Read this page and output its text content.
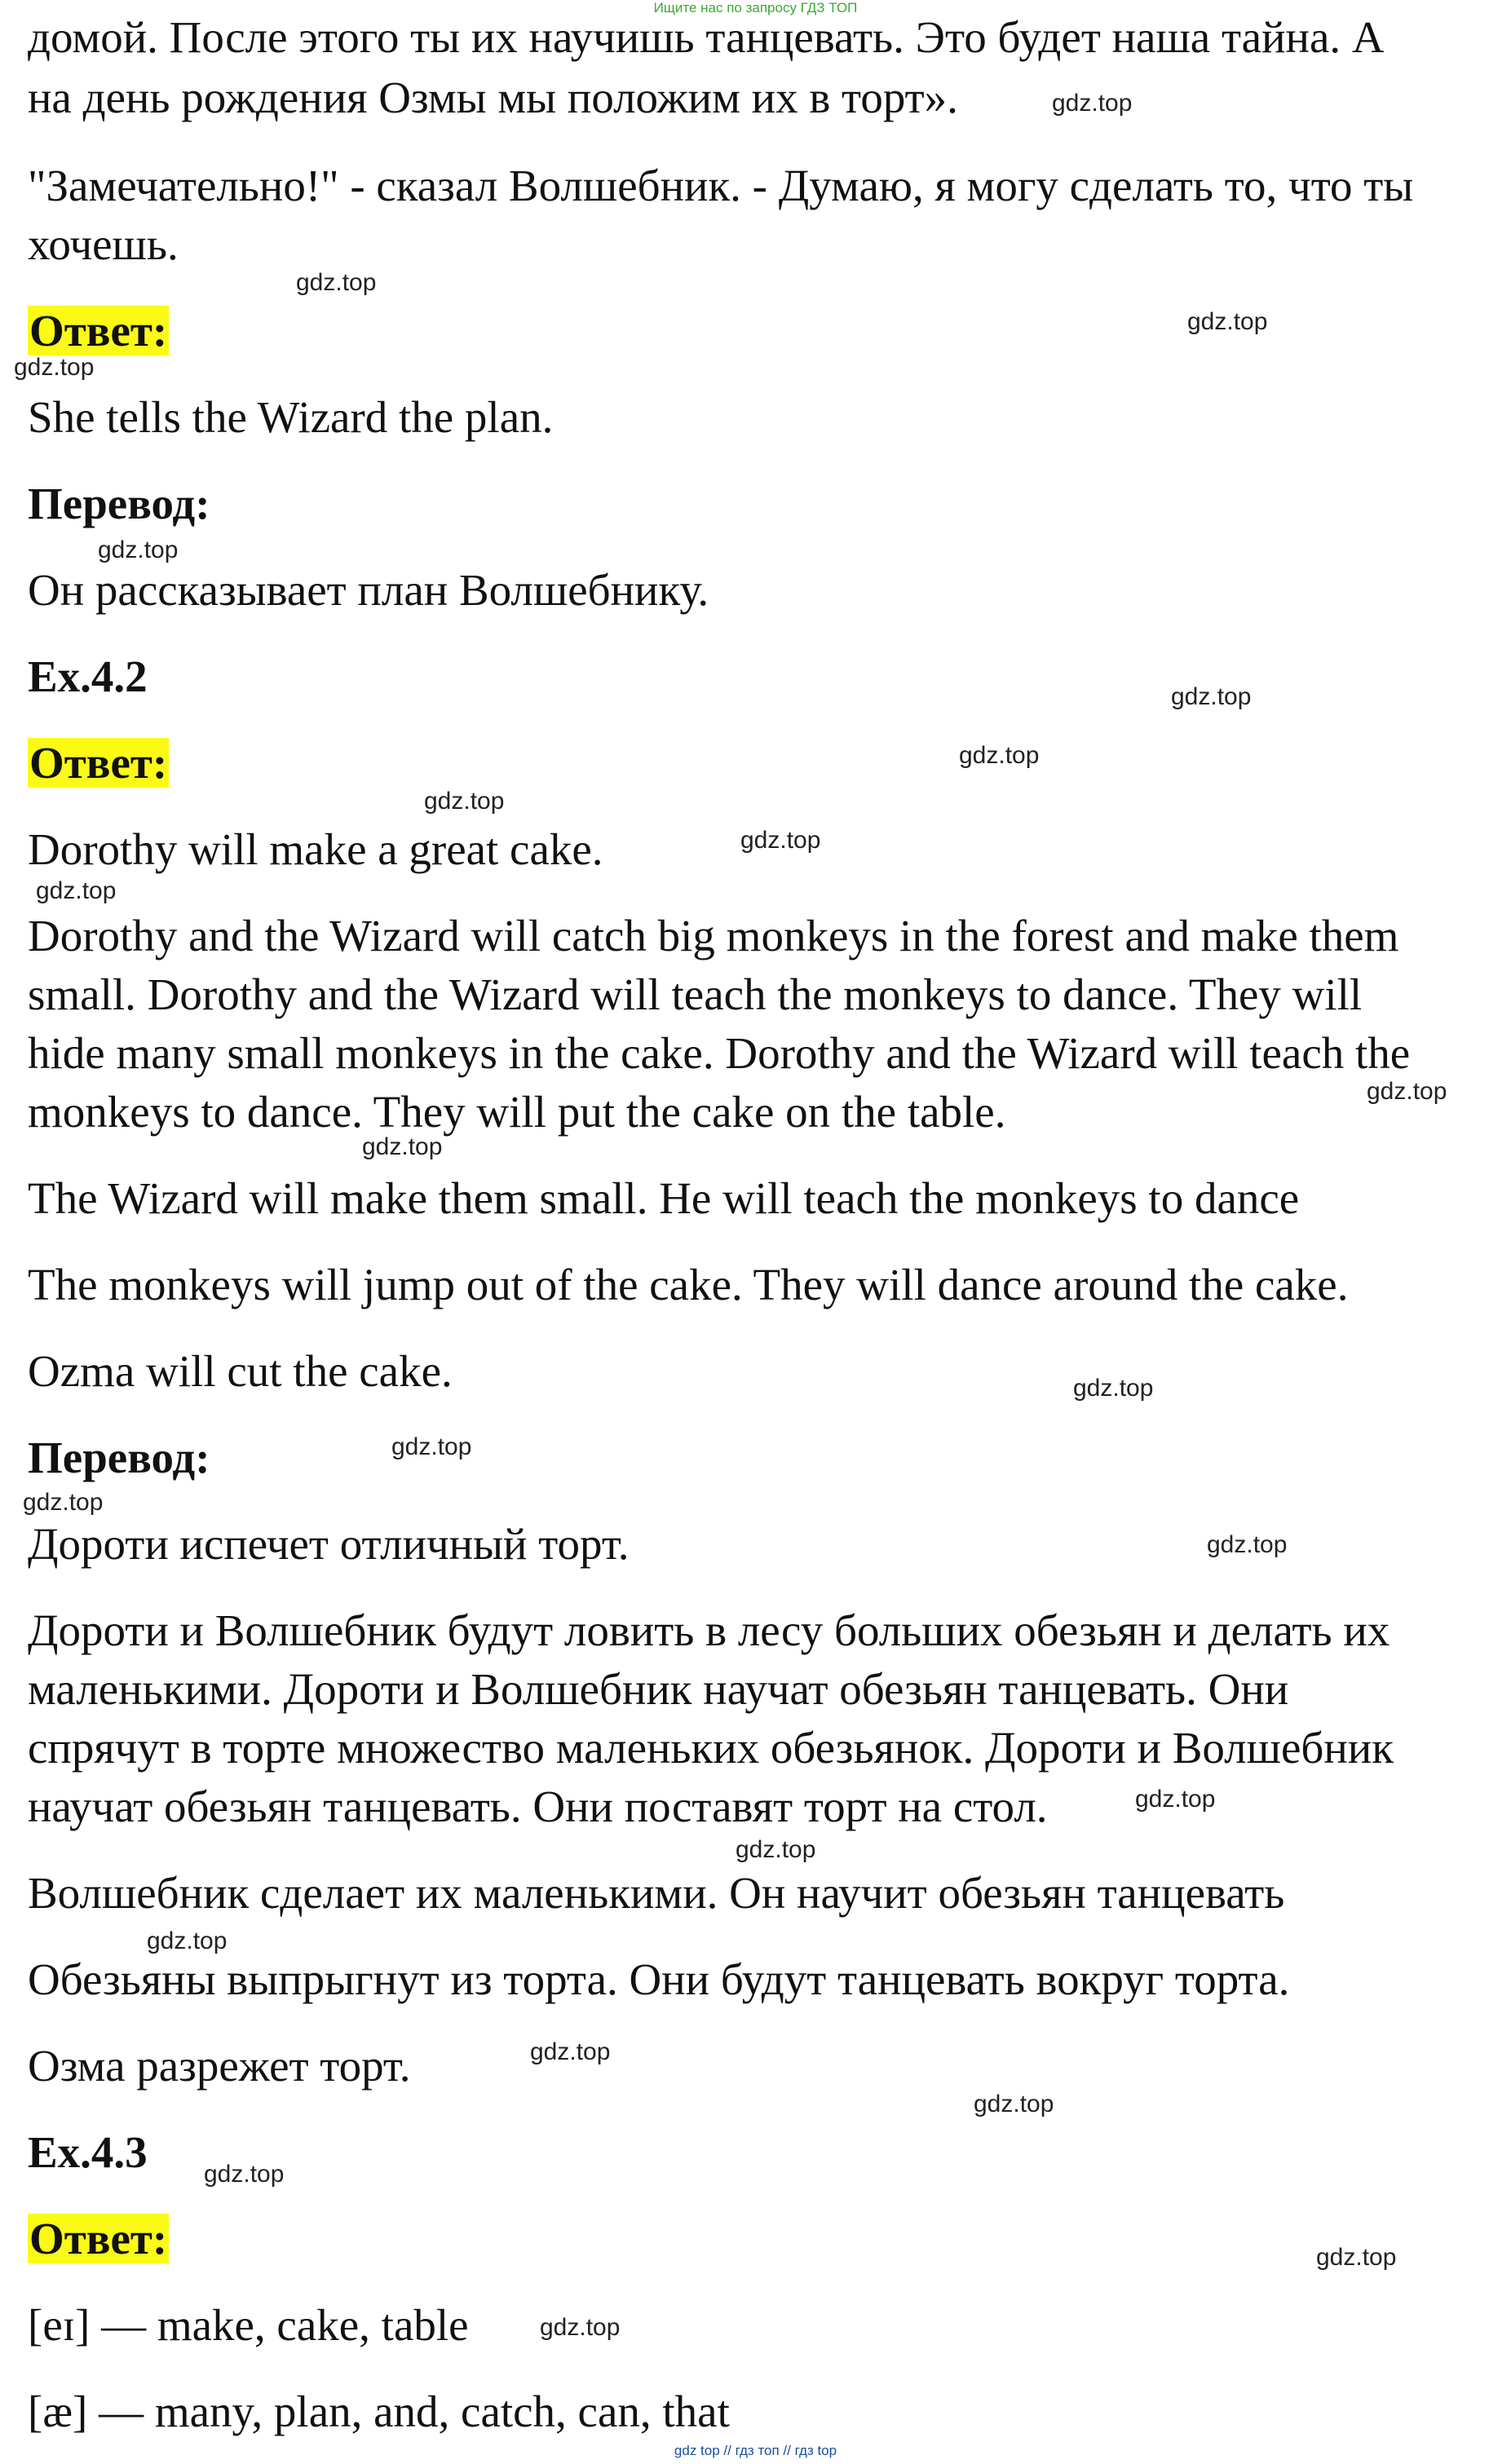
Ищите нас по запросу ГДЗ ТОП
домой. После этого ты их научишь танцевать. Это будет наша тайна. А
на день рождения Озмы мы положим их в торт».
"Замечательно!" - сказал Волшебник. - Думаю, я могу сделать то, что ты
хочешь.
Ответ:
She tells the Wizard the plan.
Перевод:
Он рассказывает план Волшебнику.
Ex.4.2
Ответ:
Dorothy will make a great cake.
Dorothy and the Wizard will catch big monkeys in the forest and make them
small. Dorothy and the Wizard will teach the monkeys to dance. They will
hide many small monkeys in the cake. Dorothy and the Wizard will teach the
monkeys to dance. They will put the cake on the table.
The Wizard will make them small. He will teach the monkeys to dance
The monkeys will jump out of the cake. They will dance around the cake.
Ozma will cut the cake.
Перевод:
Дороти испечет отличный торт.
Дороти и Волшебник будут ловить в лесу больших обезьян и делать их
маленькими. Дороти и Волшебник научат обезьян танцевать. Они
спрячут в торте множество маленьких обезьянок. Дороти и Волшебник
научат обезьян танцевать. Они поставят торт на стол.
Волшебник сделает их маленькими. Он научит обезьян танцевать
Обезьяны выпрыгнут из торта. Они будут танцевать вокруг торта.
Озма разрежет торт.
Ex.4.3
Ответ:
[eɪ] — make, cake, table
[æ] — many, plan, and, catch, can, that
gdz.top
gdz.top
gdz.top
gdz.top
gdz.top
gdz.top
gdz.top
gdz.top
gdz.top
gdz.top
gdz.top
gdz.top
gdz.top
gdz.top
gdz.top
gdz.top
gdz.top
gdz.top
gdz.top
gdz.top
gdz.top
gdz.top
gdz.top
gdz.top
gdz top // гдз топ // гдз top
